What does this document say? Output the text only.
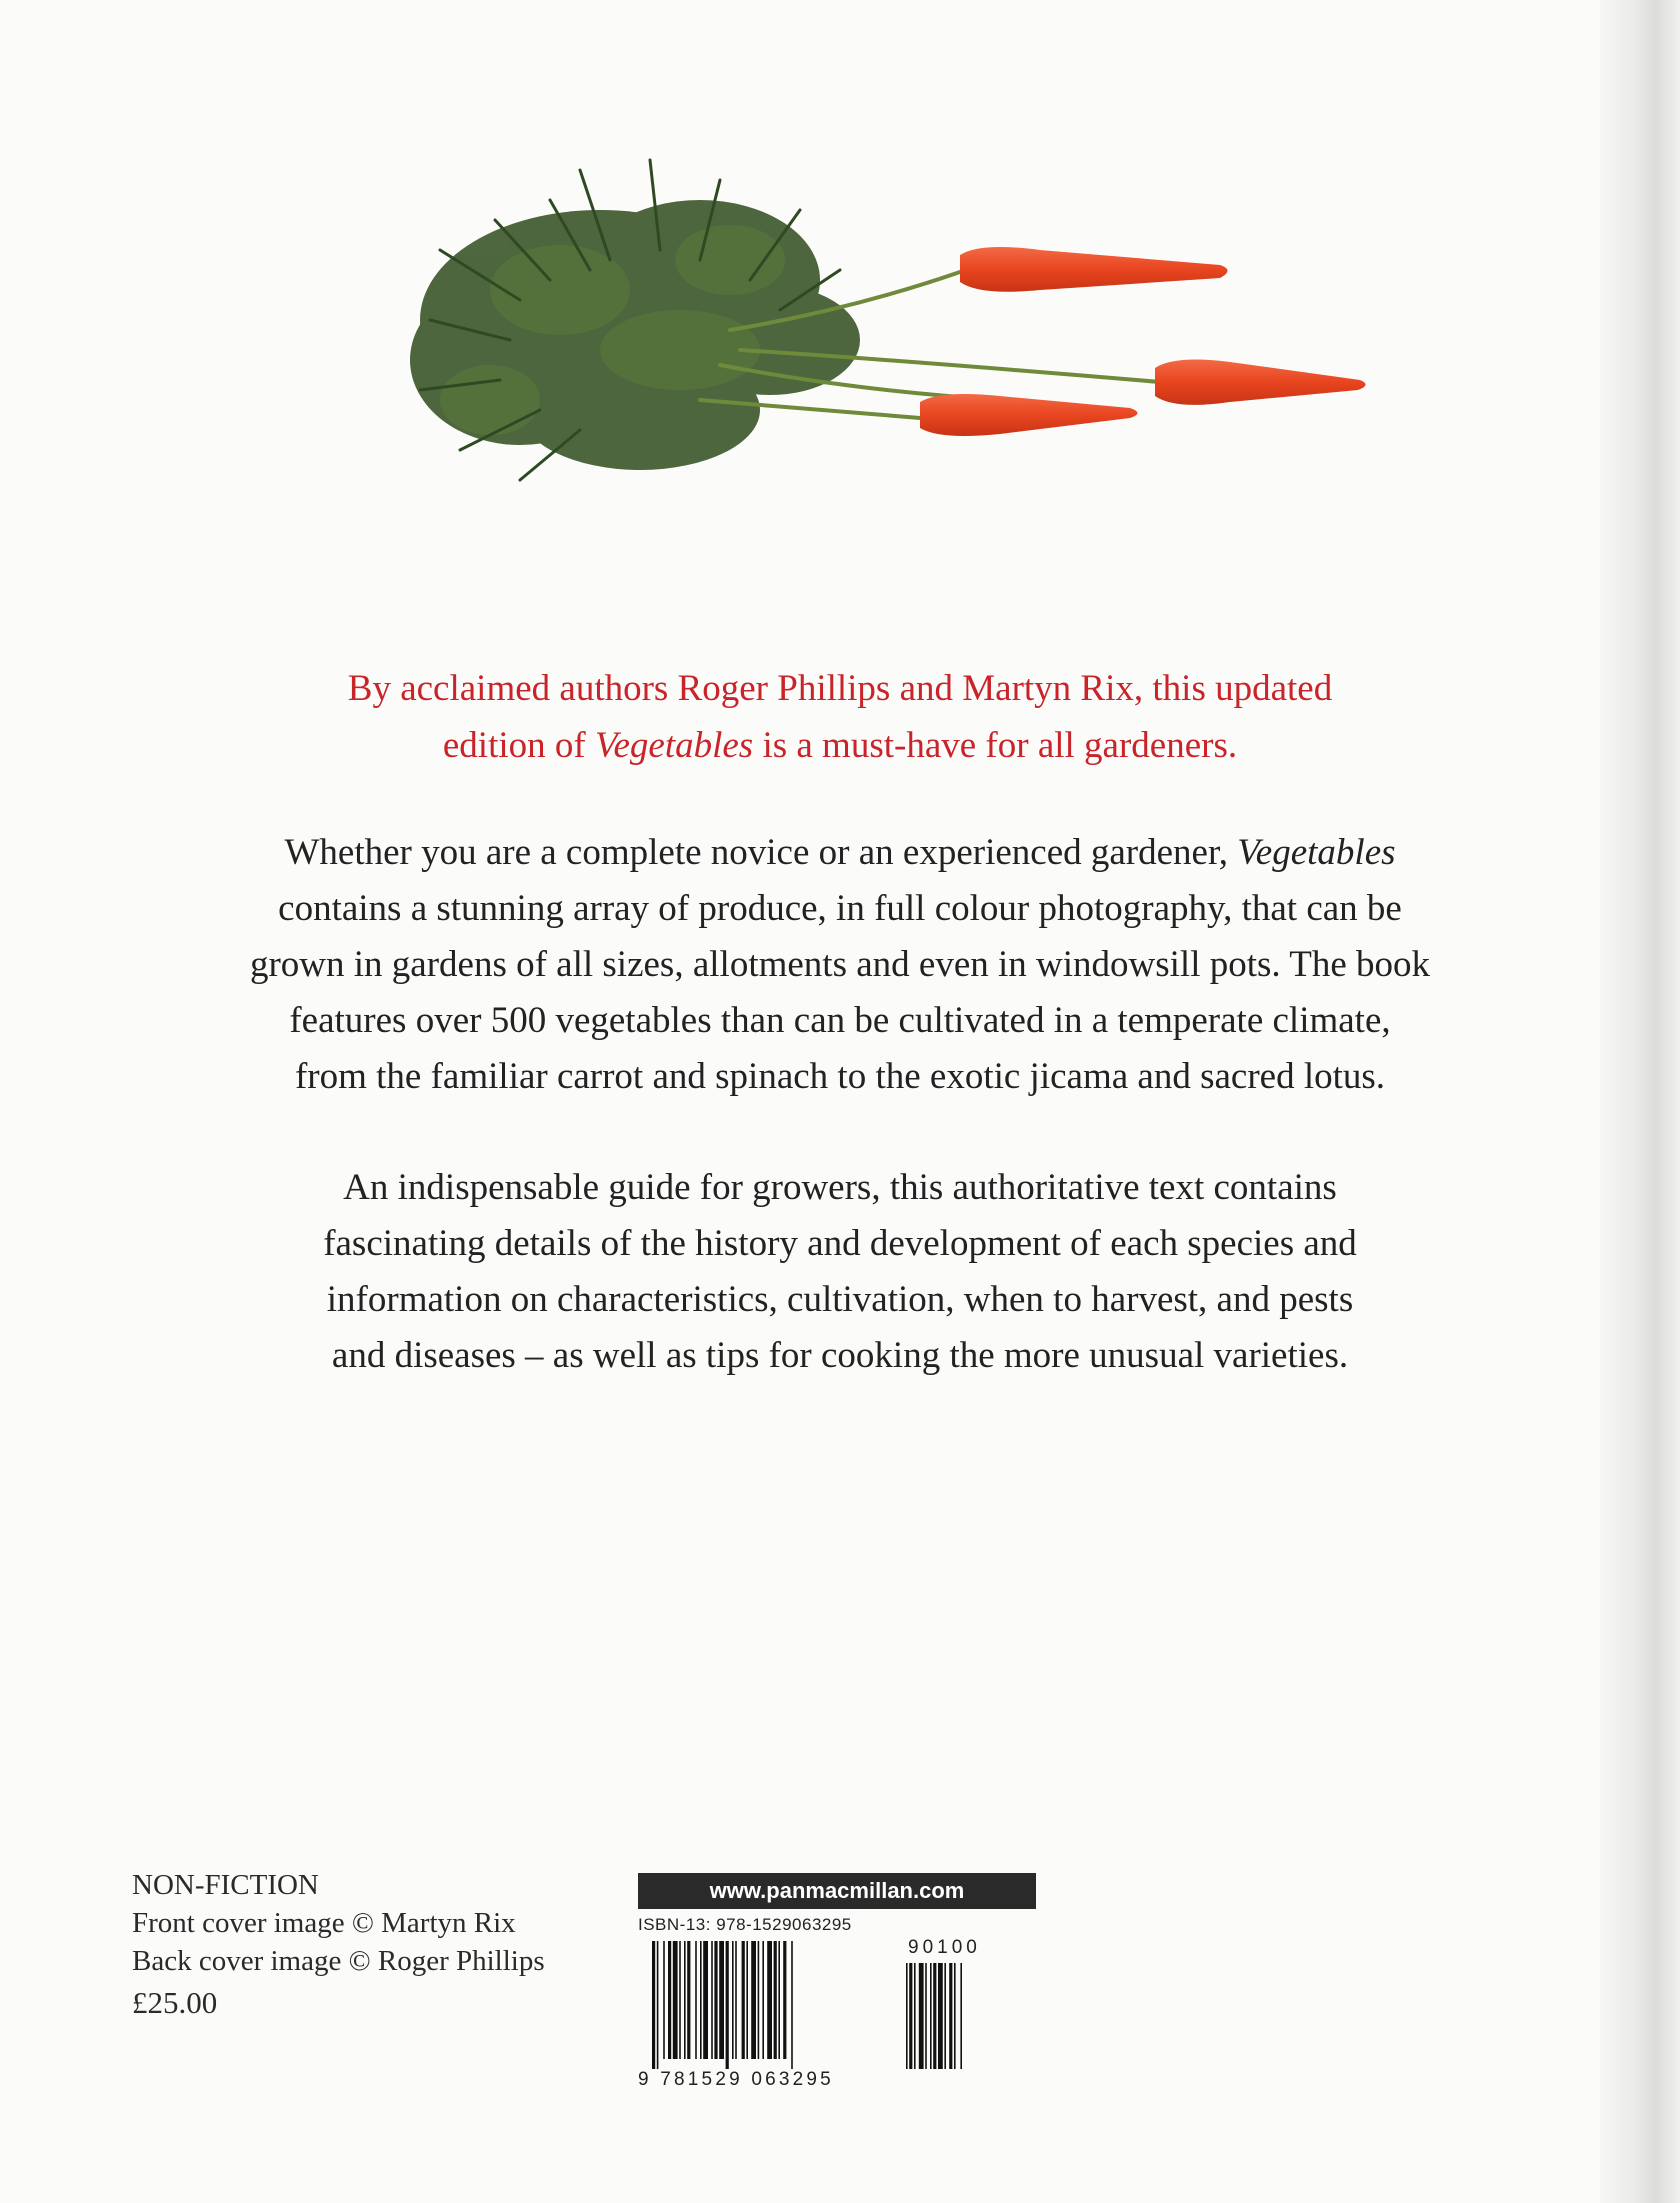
By acclaimed authors Roger Phillips and Martyn Rix, this updated

edition of Vegetables is a must-have for all gardeners.

Whether you are a complete novice or an experienced gardener, Vegetables

contains a stunning array of produce, in full colour photography, that can be

grown in gardens of all sizes, allotments and even in windowsill pots. The book

features over 500 vegetables than can be cultivated in a temperate climate,

from the familiar carrot and spinach to the exotic jicama and sacred lotus.

An indispensable guide for growers, this authoritative text contains

fascinating details of the history and development of each species and

information on characteristics, cultivation, when to harvest, and pests

and diseases – as well as tips for cooking the more unusual varieties.

NON-FICTION
Front cover image © Martyn Rix
Back cover image © Roger Phillips
£25.00
www.panmacmillan.com
ISBN-13: 978-1529063295
90100
9 781529 063295
